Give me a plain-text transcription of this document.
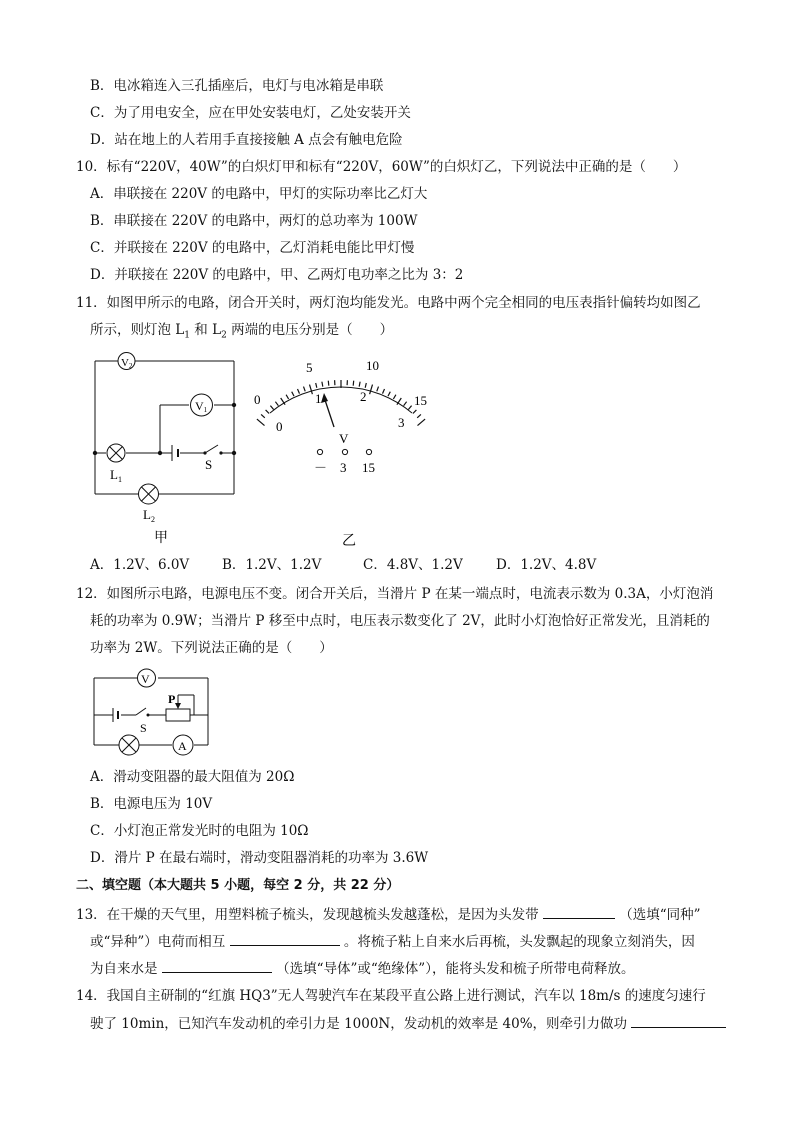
B．电冰箱连入三孔插座后，电灯与电冰箱是串联
C．为了用电安全，应在甲处安装电灯，乙处安装开关
D．站在地上的人若用手直接接触 A 点会有触电危险
10．标有“220V，40W”的白炽灯甲和标有“220V，60W”的白炽灯乙，下列说法中正确的是（　　）
A．串联接在 220V 的电路中，甲灯的实际功率比乙灯大
B．串联接在 220V 的电路中，两灯的总功率为 100W
C．并联接在 220V 的电路中，乙灯消耗电能比甲灯慢
D．并联接在 220V 的电路中，甲、乙两灯电功率之比为 3：2
11．如图甲所示的电路，闭合开关时，两灯泡均能发光。电路中两个完全相同的电压表指针偏转均如图乙
所示，则灯泡 $L_1$ 和 $L_2$ 两端的电压分别是（　　）
V2
V1
$L_1$
S
$L_2$
甲
0
5	10
15
0
1	2
3
V
－ 3 15
乙
A．1.2V、6.0V B．1.2V、1.2V	C．4.8V、1.2V D．1.2V、4.8V
12．如图所示电路，电源电压不变。闭合开关后，当滑片 P 在某一端点时，电流表示数为 0.3A，小灯泡消
耗的功率为 0.9W；当滑片 P 移至中点时，电压表示数变化了 2V，此时小灯泡恰好正常发光，且消耗的
功率为 2W。下列说法正确的是（　　）
V
A
P
S
A．滑动变阻器的最大阻值为 20Ω
B．电源电压为 10V
C．小灯泡正常发光时的电阻为 10Ω
D．滑片 P 在最右端时，滑动变阻器消耗的功率为 3.6W
二、填空题（本大题共 5 小题，每空 2 分，共 22 分）
13．在干燥的天气里，用塑料梳子梳头，发现越梳头发越蓬松，是因为头发带	（选填“同种”
或“异种”）电荷而相互	。将梳子粘上自来水后再梳，头发飘起的现象立刻消失，因
为自来水是	（选填“导体”或“绝缘体”），能将头发和梳子所带电荷释放。
14．我国自主研制的“红旗 HQ3”无人驾驶汽车在某段平直公路上进行测试，汽车以 18m/s 的速度匀速行
驶了 10min，已知汽车发动机的牵引力是 1000N，发动机的效率是 40%，则牵引力做功
